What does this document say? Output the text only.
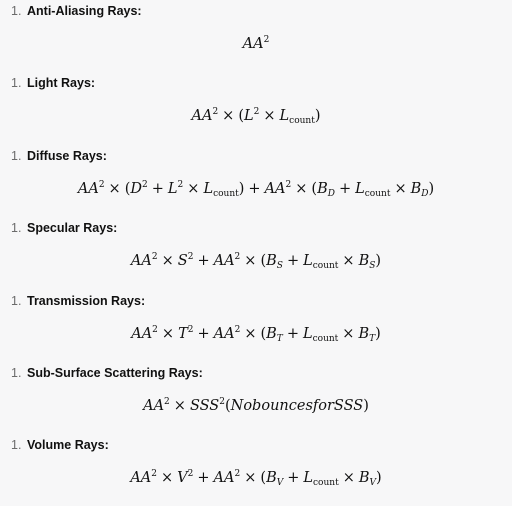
1. Anti-Aliasing Rays:
$AA^2$
1. Light Rays:
$AA^2 \times (L^2 \times L_{count})$
1. Diffuse Rays:
$AA^2 \times (D^2 + L^2 \times L_{count}) + AA^2 \times (B_D + L_{count} \times B_D)$
1. Specular Rays:
$AA^2 \times S^2 + AA^2 \times (B_S + L_{count} \times B_S)$
1. Transmission Rays:
$AA^2 \times T^2 + AA^2 \times (B_T + L_{count} \times B_T)$
1. Sub-Surface Scattering Rays:
$AA^2$ × $SSS^2(NobouncesforSSS)$
1. Volume Rays:
$AA^2 \times V^2 + AA^2 \times (B_V + L_{count} \times B_V)$
